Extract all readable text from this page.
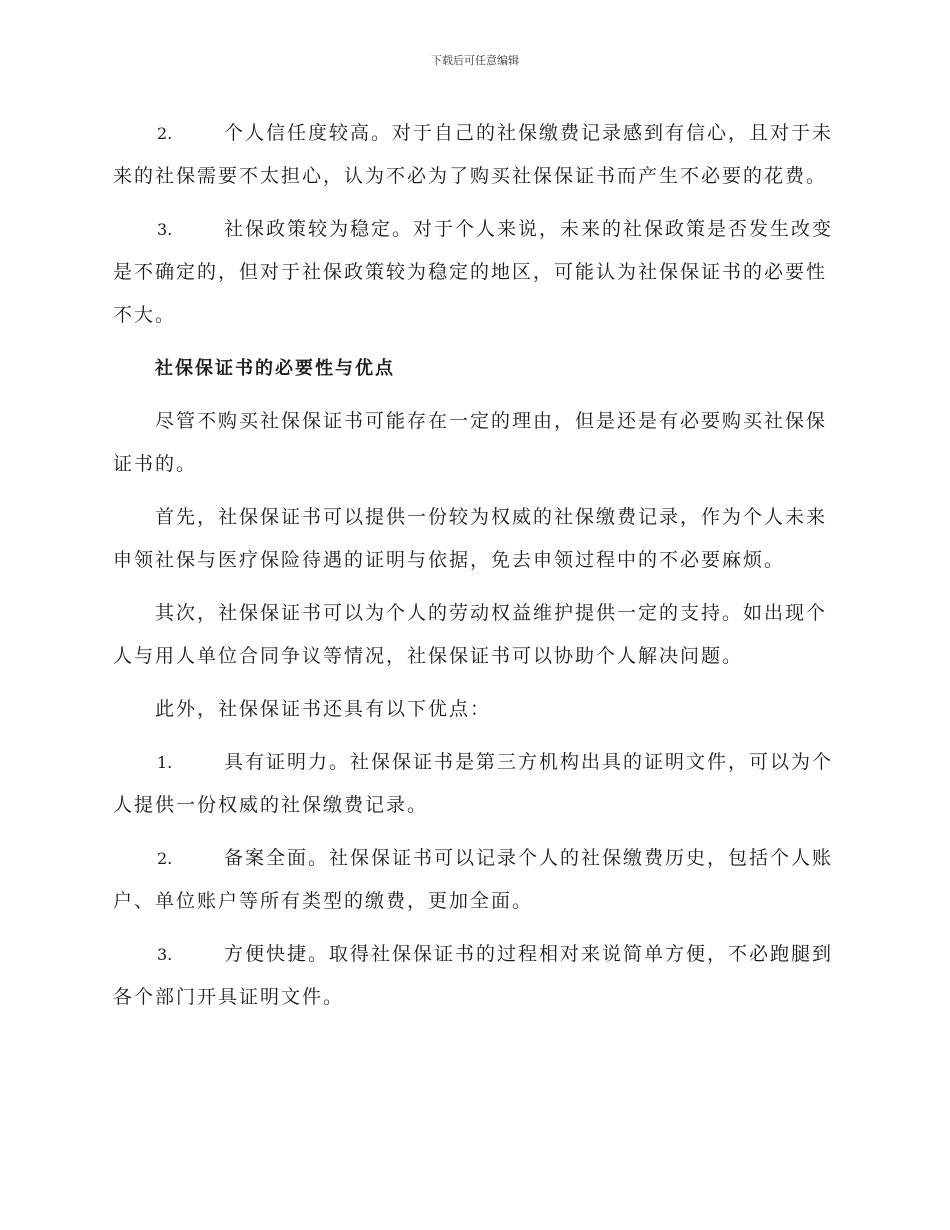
下载后可任意编辑

2.	个人信任度较高。对于自己的社保缴费记录感到有信心，且对于未来的社保需要不太担心，认为不必为了购买社保保证书而产生不必要的花费。

3.	社保政策较为稳定。对于个人来说，未来的社保政策是否发生改变是不确定的，但对于社保政策较为稳定的地区，可能认为社保保证书的必要性不大。

社保保证书的必要性与优点

尽管不购买社保保证书可能存在一定的理由，但是还是有必要购买社保保证书的。

首先，社保保证书可以提供一份较为权威的社保缴费记录，作为个人未来申领社保与医疗保险待遇的证明与依据，免去申领过程中的不必要麻烦。

其次，社保保证书可以为个人的劳动权益维护提供一定的支持。如出现个人与用人单位合同争议等情况，社保保证书可以协助个人解决问题。

此外，社保保证书还具有以下优点：

1.	具有证明力。社保保证书是第三方机构出具的证明文件，可以为个人提供一份权威的社保缴费记录。

2.	备案全面。社保保证书可以记录个人的社保缴费历史，包括个人账户、单位账户等所有类型的缴费，更加全面。

3.	方便快捷。取得社保保证书的过程相对来说简单方便，不必跑腿到各个部门开具证明文件。
